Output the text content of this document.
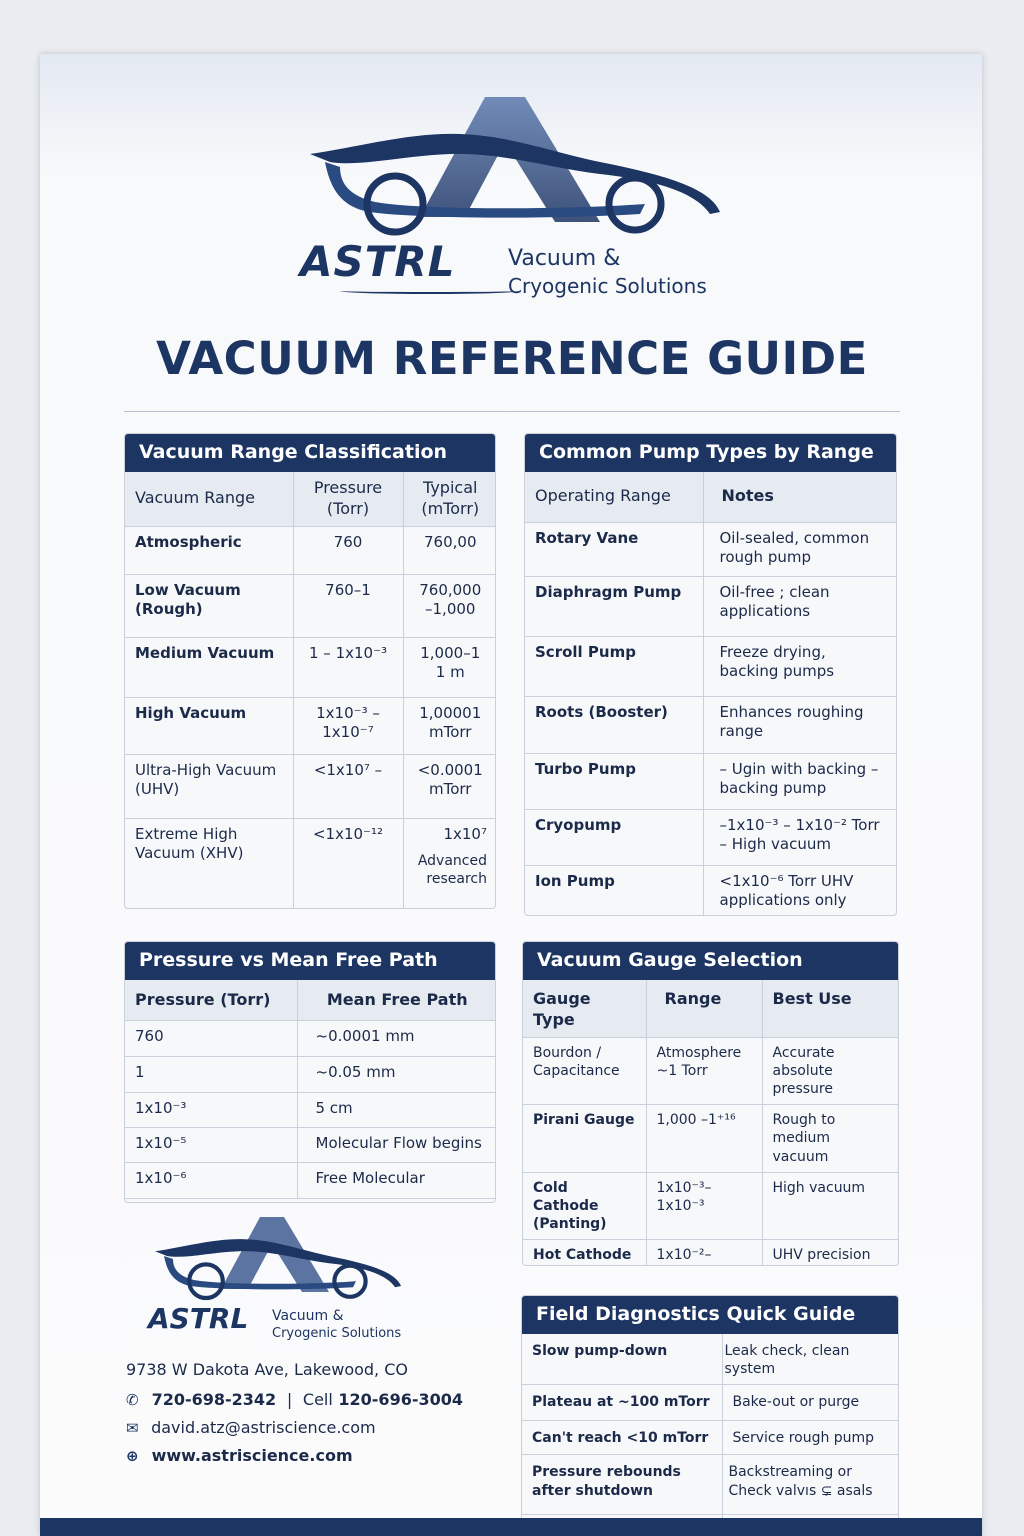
ASTRL Vacuum &
Cryogenic Solutions
VACUUM REFERENCE GUIDE
Vacuum Range Classification
Vacuum Range	Pressure (Torr)	Typical (mTorr)
Atmospheric	760	760,00
Low Vacuum (Rough)	760–1	760,000 –1,000
Medium Vacuum	1 – 1x10⁻³	1,000–1 1 m
High Vacuum	1x10⁻³ – 1x10⁻⁷	1,00001 mTorr
Ultra-High Vacuum (UHV)	<1x10⁷ –	<0.0001 mTorr
Extreme High Vacuum (XHV)	<1x10⁻¹²	1x10⁷
Advanced research
Common Pump Types by Range
Operating Range	Notes
Rotary Vane	Oil-sealed, common rough pump
Diaphragm Pump	Oil-free ; clean applications
Scroll Pump	Freeze drying, backing pumps
Roots (Booster)	Enhances roughing range
Turbo Pump	– Ugin with backing – backing pump
Cryopump	–1x10⁻³ – 1x10⁻² Torr – High vacuum
Ion Pump	<1x10⁻⁶ Torr UHV applications only
Pressure vs Mean Free Path
Pressure (Torr)	Mean Free Path
760	~0.0001 mm
1	~0.05 mm
1x10⁻³	5 cm
1x10⁻⁵	Molecular Flow begins
1x10⁻⁶	Free Molecular
Vacuum Gauge Selection
Gauge Type	Range	Best Use
Bourdon / Capacitance	Atmosphere ~1 Torr	Accurate absolute pressure
Pirani Gauge	1,000 –1⁺¹⁶	Rough to medium vacuum
Cold Cathode (Panting)	1x10⁻³–1x10⁻³	High vacuum
Hot Cathode	1x10⁻²–	UHV precision

ASTRL Vacuum &
Cryogenic Solutions
9738 W Dakota Ave, Lakewood, CO
✆ 720-698-2342  |  Cell 120-696-3004
✉ david.atz@astriscience.com
⊕ www.astriscience.com
Field Diagnostics Quick Guide
Slow pump-down	Leak check, clean system
Plateau at ~100 mTorr	Bake-out or purge
Can't reach <10 mTorr	Service rough pump
Pressure rebounds after shutdown	Backstreaming or Check valvıs ⊊ asals
